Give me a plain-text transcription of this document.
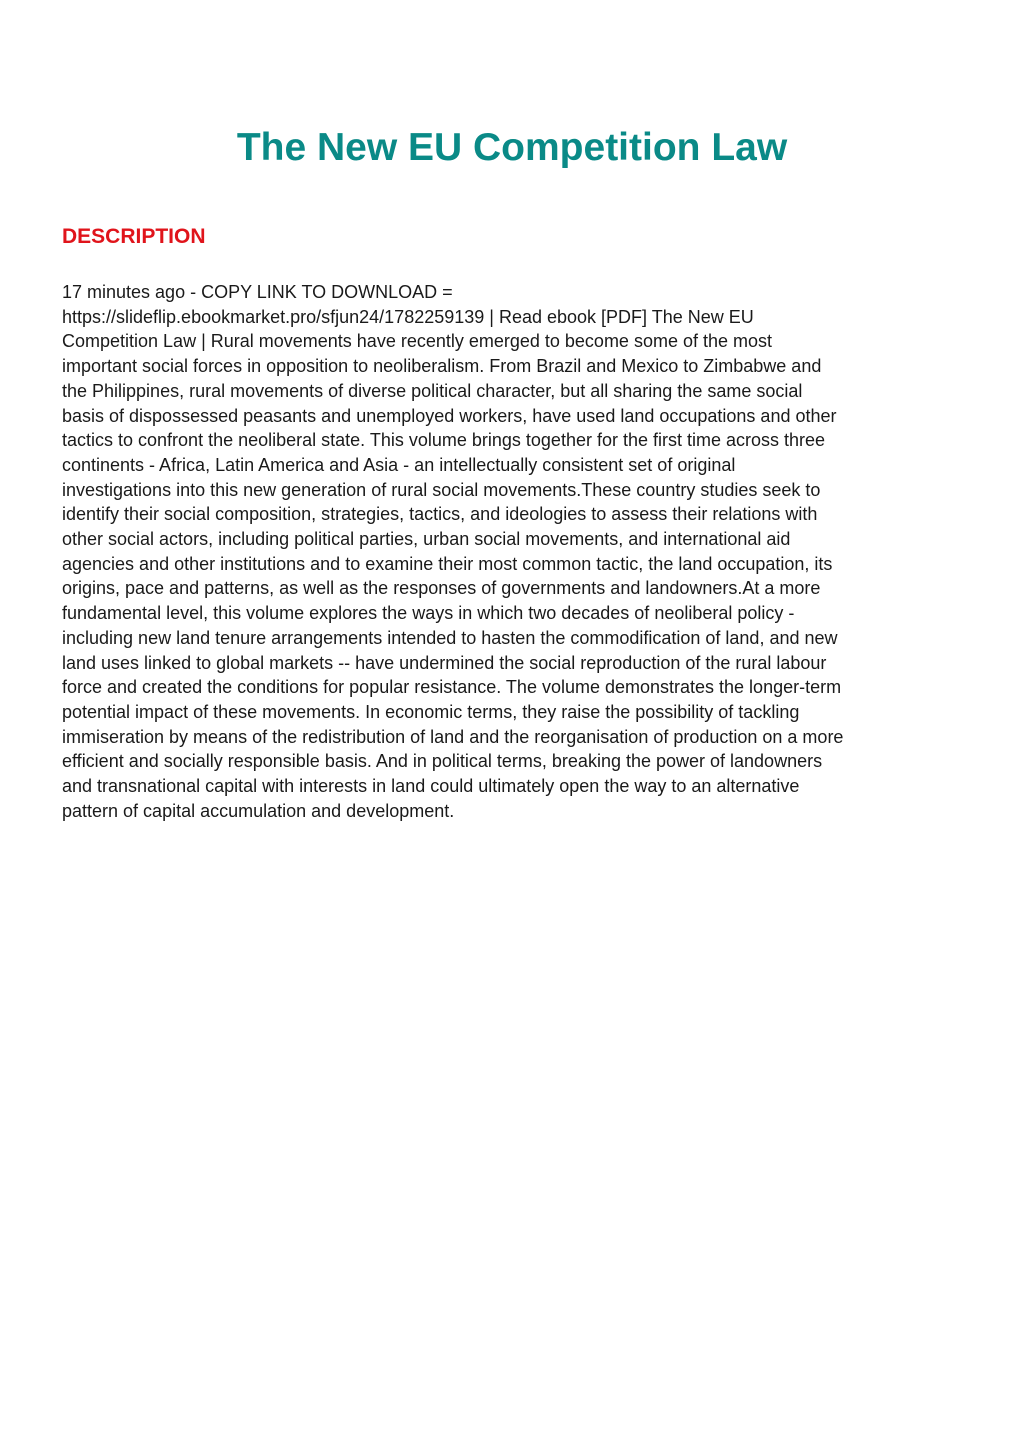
The New EU Competition Law
DESCRIPTION

17 minutes ago - COPY LINK TO DOWNLOAD =
https://slideflip.ebookmarket.pro/sfjun24/1782259139 | Read ebook [PDF] The New EU
Competition Law | Rural movements have recently emerged to become some of the most
important social forces in opposition to neoliberalism. From Brazil and Mexico to Zimbabwe and
the Philippines, rural movements of diverse political character, but all sharing the same social
basis of dispossessed peasants and unemployed workers, have used land occupations and other
tactics to confront the neoliberal state. This volume brings together for the first time across three
continents - Africa, Latin America and Asia - an intellectually consistent set of original
investigations into this new generation of rural social movements.These country studies seek to
identify their social composition, strategies, tactics, and ideologies to assess their relations with
other social actors, including political parties, urban social movements, and international aid
agencies and other institutions and to examine their most common tactic, the land occupation, its
origins, pace and patterns, as well as the responses of governments and landowners.At a more
fundamental level, this volume explores the ways in which two decades of neoliberal policy -
including new land tenure arrangements intended to hasten the commodification of land, and new
land uses linked to global markets -- have undermined the social reproduction of the rural labour
force and created the conditions for popular resistance. The volume demonstrates the longer-term
potential impact of these movements. In economic terms, they raise the possibility of tackling
immiseration by means of the redistribution of land and the reorganisation of production on a more
efficient and socially responsible basis. And in political terms, breaking the power of landowners
and transnational capital with interests in land could ultimately open the way to an alternative
pattern of capital accumulation and development.
